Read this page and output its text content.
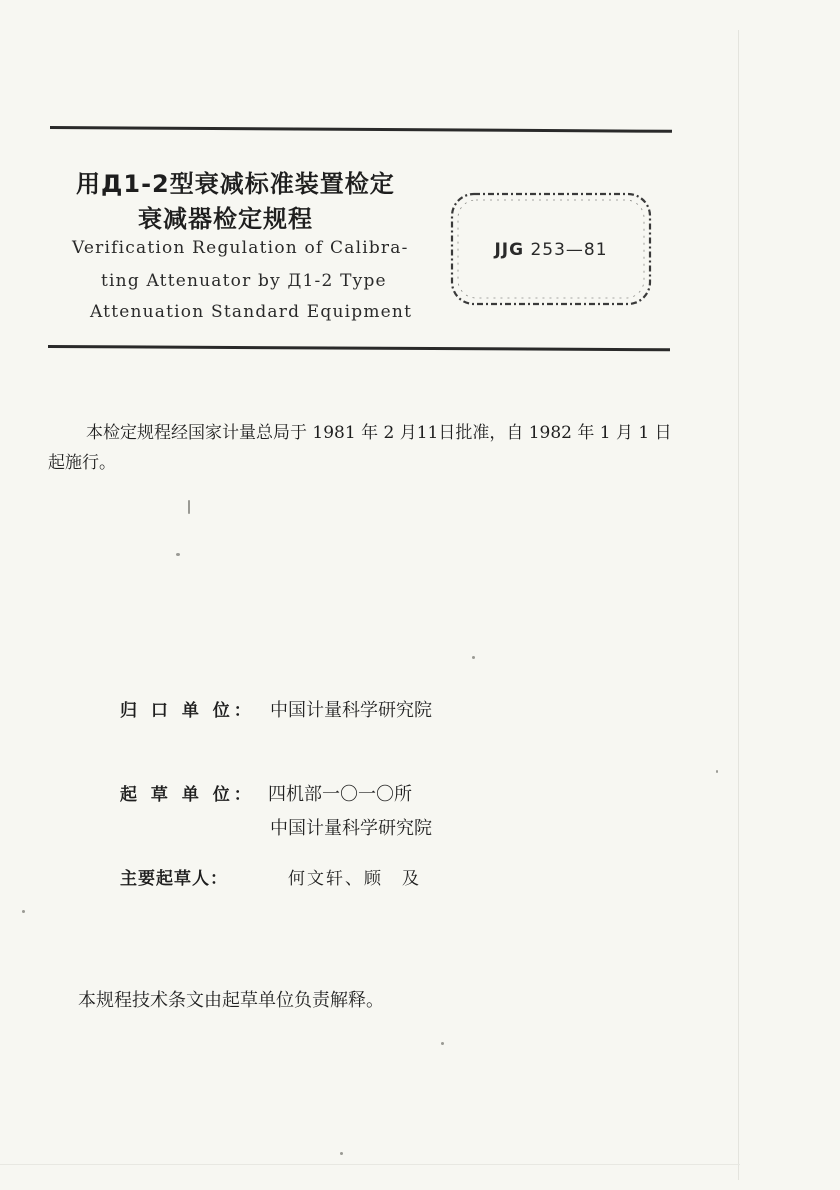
用Д1-2型衰减标准装置检定
衰减器检定规程
Verification Regulation of Calibra-
ting Attenuator by Д1-2 Type
Attenuation Standard Equipment
JJG 253—81
本检定规程经国家计量总局于 1981 年 2 月11日批准，自 1982 年 1 月 1 日起施行。
归 口 单 位： 中国计量科学研究院
起 草 单 位： 四机部一〇一〇所
中国计量科学研究院
主要起草人：	何文轩、顾　及
本规程技术条文由起草单位负责解释。
